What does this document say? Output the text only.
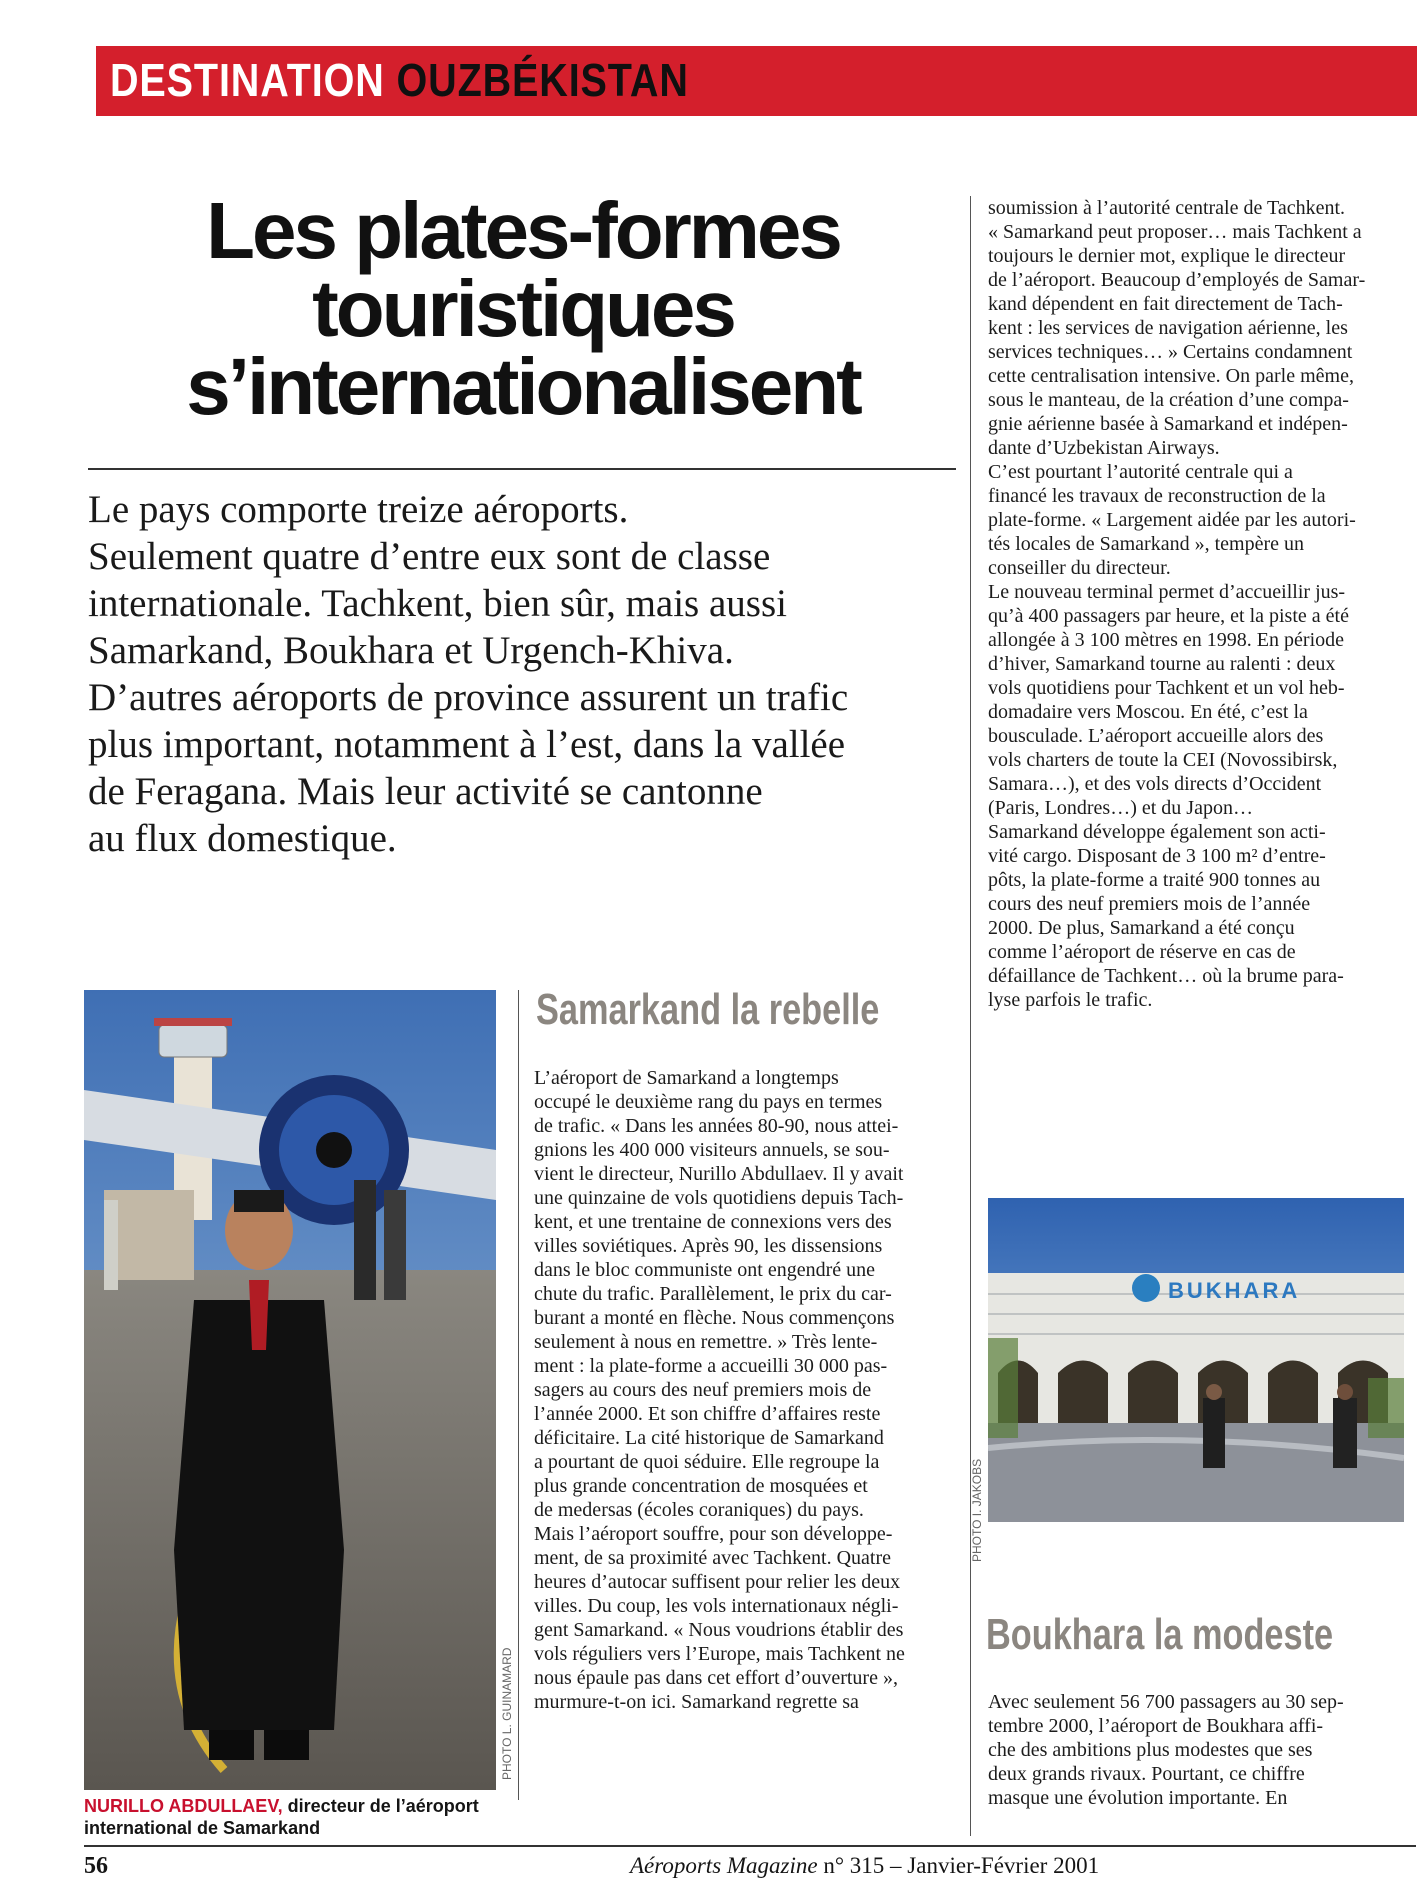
DESTINATION OUZBÉKISTAN
Les plates-formes
touristiques
s’internationalisent
Le pays comporte treize aéroports.
Seulement quatre d’entre eux sont de classe
internationale. Tachkent, bien sûr, mais aussi
Samarkand, Boukhara et Urgench-Khiva.
D’autres aéroports de province assurent un trafic
plus important, notamment à l’est, dans la vallée
de Feragana. Mais leur activité se cantonne
au flux domestique.
soumission à l’autorité centrale de Tachkent.
« Samarkand peut proposer… mais Tachkent a
toujours le dernier mot, explique le directeur
de l’aéroport. Beaucoup d’employés de Samar-
kand dépendent en fait directement de Tach-
kent : les services de navigation aérienne, les
services techniques… » Certains condamnent
cette centralisation intensive. On parle même,
sous le manteau, de la création d’une compa-
gnie aérienne basée à Samarkand et indépen-
dante d’Uzbekistan Airways.
C’est pourtant l’autorité centrale qui a
financé les travaux de reconstruction de la
plate-forme. « Largement aidée par les autori-
tés locales de Samarkand », tempère un
conseiller du directeur.
Le nouveau terminal permet d’accueillir jus-
qu’à 400 passagers par heure, et la piste a été
allongée à 3 100 mètres en 1998. En période
d’hiver, Samarkand tourne au ralenti : deux
vols quotidiens pour Tachkent et un vol heb-
domadaire vers Moscou. En été, c’est la
bousculade. L’aéroport accueille alors des
vols charters de toute la CEI (Novossibirsk,
Samara…), et des vols directs d’Occident
(Paris, Londres…) et du Japon…
Samarkand développe également son acti-
vité cargo. Disposant de 3 100 m² d’entre-
pôts, la plate-forme a traité 900 tonnes au
cours des neuf premiers mois de l’année
2000. De plus, Samarkand a été conçu
comme l’aéroport de réserve en cas de
défaillance de Tachkent… où la brume para-
lyse parfois le trafic.
PHOTO L. GUINAMARD
NURILLO ABDULLAEV, directeur de l’aéroport
international de Samarkand
Samarkand la rebelle
L’aéroport de Samarkand a longtemps
occupé le deuxième rang du pays en termes
de trafic. « Dans les années 80-90, nous attei-
gnions les 400 000 visiteurs annuels, se sou-
vient le directeur, Nurillo Abdullaev. Il y avait
une quinzaine de vols quotidiens depuis Tach-
kent, et une trentaine de connexions vers des
villes soviétiques. Après 90, les dissensions
dans le bloc communiste ont engendré une
chute du trafic. Parallèlement, le prix du car-
burant a monté en flèche. Nous commençons
seulement à nous en remettre. » Très lente-
ment : la plate-forme a accueilli 30 000 pas-
sagers au cours des neuf premiers mois de
l’année 2000. Et son chiffre d’affaires reste
déficitaire. La cité historique de Samarkand
a pourtant de quoi séduire. Elle regroupe la
plus grande concentration de mosquées et
de medersas (écoles coraniques) du pays.
Mais l’aéroport souffre, pour son développe-
ment, de sa proximité avec Tachkent. Quatre
heures d’autocar suffisent pour relier les deux
villes. Du coup, les vols internationaux négli-
gent Samarkand. « Nous voudrions établir des
vols réguliers vers l’Europe, mais Tachkent ne
nous épaule pas dans cet effort d’ouverture »,
murmure-t-on ici. Samarkand regrette sa
BUKHARA
PHOTO I. JAKOBS
Boukhara la modeste
Avec seulement 56 700 passagers au 30 sep-
tembre 2000, l’aéroport de Boukhara affi-
che des ambitions plus modestes que ses
deux grands rivaux. Pourtant, ce chiffre
masque une évolution importante. En
56	Aéroports Magazine n° 315 – Janvier-Février 2001
